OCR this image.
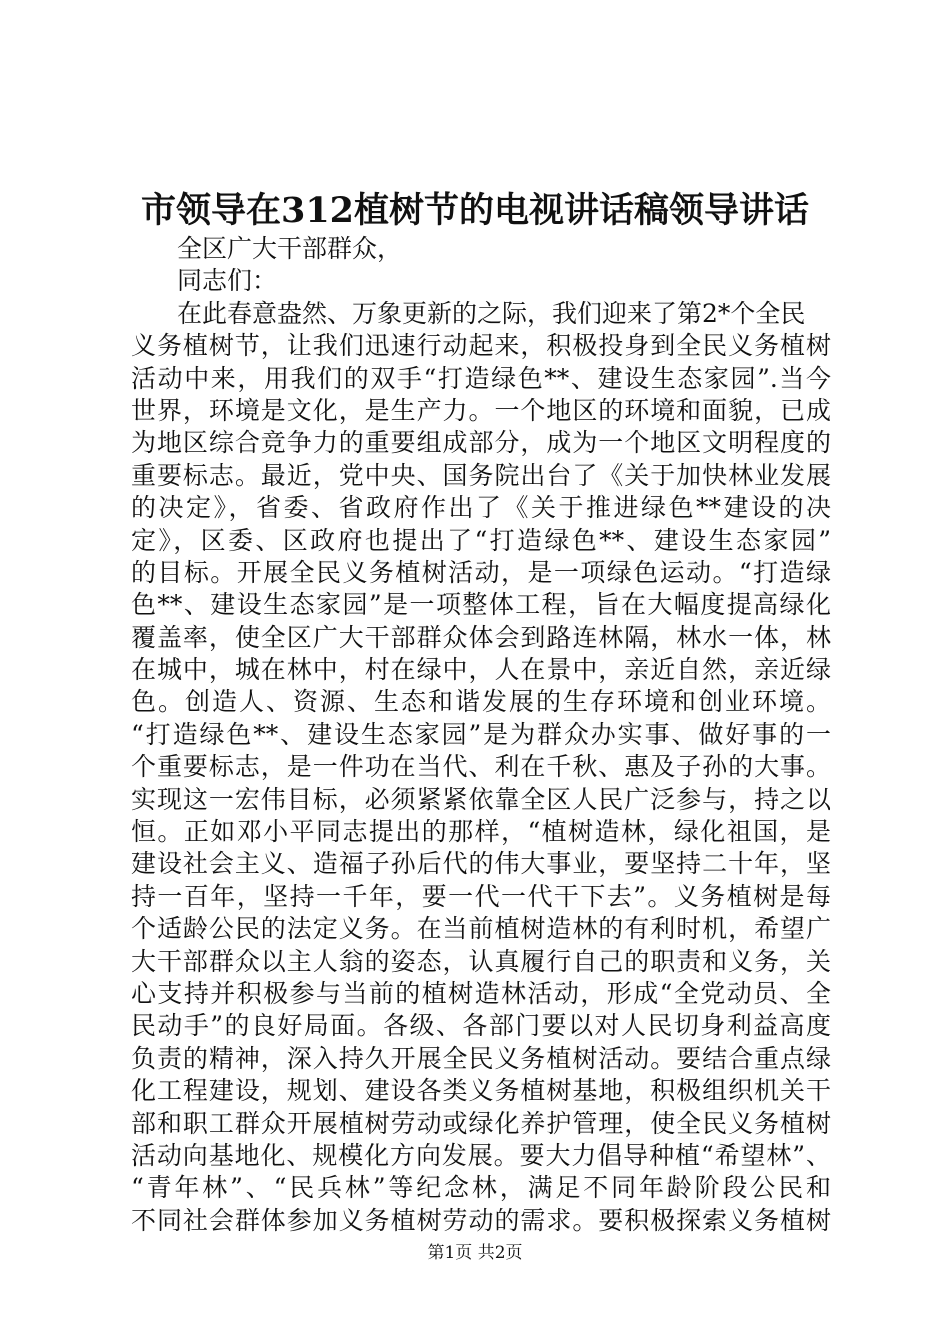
市领导在312植树节的电视讲话稿领导讲话
全区广大干部群众，
同志们：
在此春意盎然、万象更新的之际，我们迎来了第2*个全民
义务植树节，让我们迅速行动起来，积极投身到全民义务植树
活动中来，用我们的双手“打造绿色**、建设生态家园”.当今
世界，环境是文化，是生产力。一个地区的环境和面貌，已成
为地区综合竞争力的重要组成部分，成为一个地区文明程度的
重要标志。最近，党中央、国务院出台了《关于加快林业发展
的决定》，省委、省政府作出了《关于推进绿色**建设的决
定》，区委、区政府也提出了“打造绿色**、建设生态家园”
的目标。开展全民义务植树活动，是一项绿色运动。“打造绿
色**、建设生态家园”是一项整体工程，旨在大幅度提高绿化
覆盖率，使全区广大干部群众体会到路连林隔，林水一体，林
在城中，城在林中，村在绿中，人在景中，亲近自然，亲近绿
色。创造人、资源、生态和谐发展的生存环境和创业环境。
“打造绿色**、建设生态家园”是为群众办实事、做好事的一
个重要标志，是一件功在当代、利在千秋、惠及子孙的大事。
实现这一宏伟目标，必须紧紧依靠全区人民广泛参与，持之以
恒。正如邓小平同志提出的那样，“植树造林，绿化祖国，是
建设社会主义、造福子孙后代的伟大事业，要坚持二十年，坚
持一百年，坚持一千年，要一代一代干下去”。义务植树是每
个适龄公民的法定义务。在当前植树造林的有利时机，希望广
大干部群众以主人翁的姿态，认真履行自己的职责和义务，关
心支持并积极参与当前的植树造林活动，形成“全党动员、全
民动手”的良好局面。各级、各部门要以对人民切身利益高度
负责的精神，深入持久开展全民义务植树活动。要结合重点绿
化工程建设，规划、建设各类义务植树基地，积极组织机关干
部和职工群众开展植树劳动或绿化养护管理，使全民义务植树
活动向基地化、规模化方向发展。要大力倡导种植“希望林”、
“青年林”、“民兵林”等纪念林，满足不同年龄阶段公民和
不同社会群体参加义务植树劳动的需求。要积极探索义务植树
第1页 共2页
